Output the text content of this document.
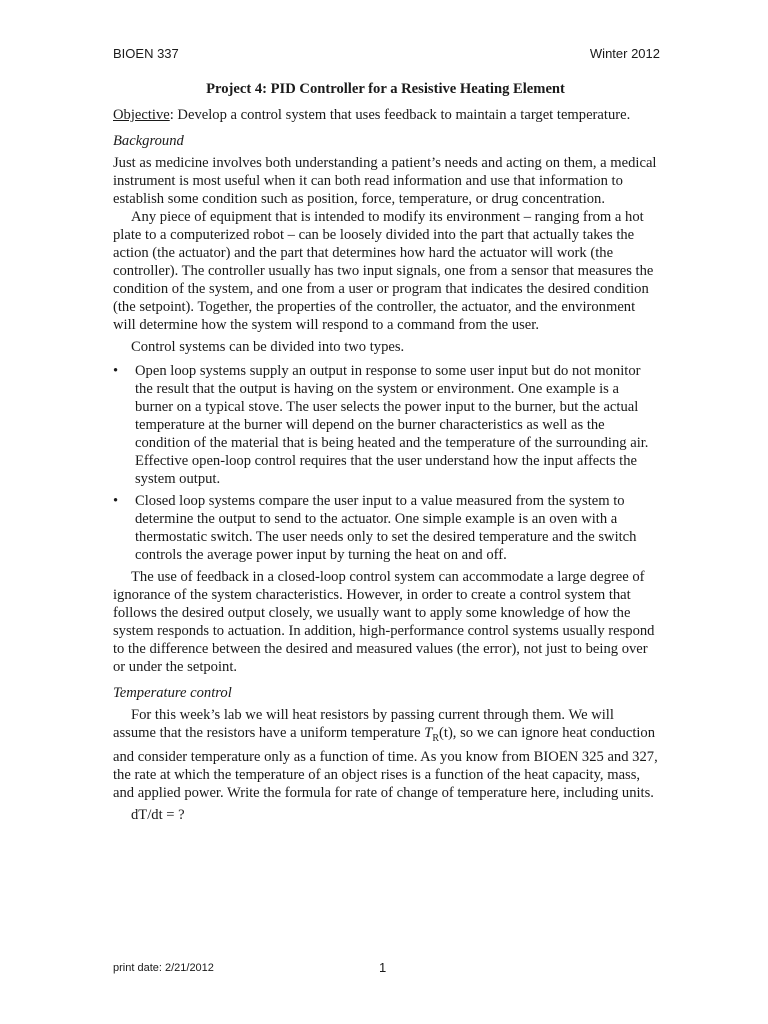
BIOEN 337	Winter 2012

Project 4: PID Controller for a Resistive Heating Element

Objective: Develop a control system that uses feedback to maintain a target temperature.

Background

Just as medicine involves both understanding a patient’s needs and acting on them, a medical instrument is most useful when it can both read information and use that information to establish some condition such as position, force, temperature, or drug concentration.

Any piece of equipment that is intended to modify its environment – ranging from a hot plate to a computerized robot – can be loosely divided into the part that actually takes the action (the actuator) and the part that determines how hard the actuator will work (the controller). The controller usually has two input signals, one from a sensor that measures the condition of the system, and one from a user or program that indicates the desired condition (the setpoint). Together, the properties of the controller, the actuator, and the environment will determine how the system will respond to a command from the user.

Control systems can be divided into two types.

• Open loop systems supply an output in response to some user input but do not monitor the result that the output is having on the system or environment. One example is a burner on a typical stove. The user selects the power input to the burner, but the actual temperature at the burner will depend on the burner characteristics as well as the condition of the material that is being heated and the temperature of the surrounding air. Effective open-loop control requires that the user understand how the input affects the system output.
• Closed loop systems compare the user input to a value measured from the system to determine the output to send to the actuator. One simple example is an oven with a thermostatic switch. The user needs only to set the desired temperature and the switch controls the average power input by turning the heat on and off.

The use of feedback in a closed-loop control system can accommodate a large degree of ignorance of the system characteristics. However, in order to create a control system that follows the desired output closely, we usually want to apply some knowledge of how the system responds to actuation. In addition, high-performance control systems usually respond to the difference between the desired and measured values (the error), not just to being over or under the setpoint.

Temperature control

For this week’s lab we will heat resistors by passing current through them. We will assume that the resistors have a uniform temperature $T_R(t)$, so we can ignore heat conduction and consider temperature only as a function of time. As you know from BIOEN 325 and 327, the rate at which the temperature of an object rises is a function of the heat capacity, mass, and applied power. Write the formula for rate of change of temperature here, including units.

dT/dt = ?

print date: 2/21/2012	1
